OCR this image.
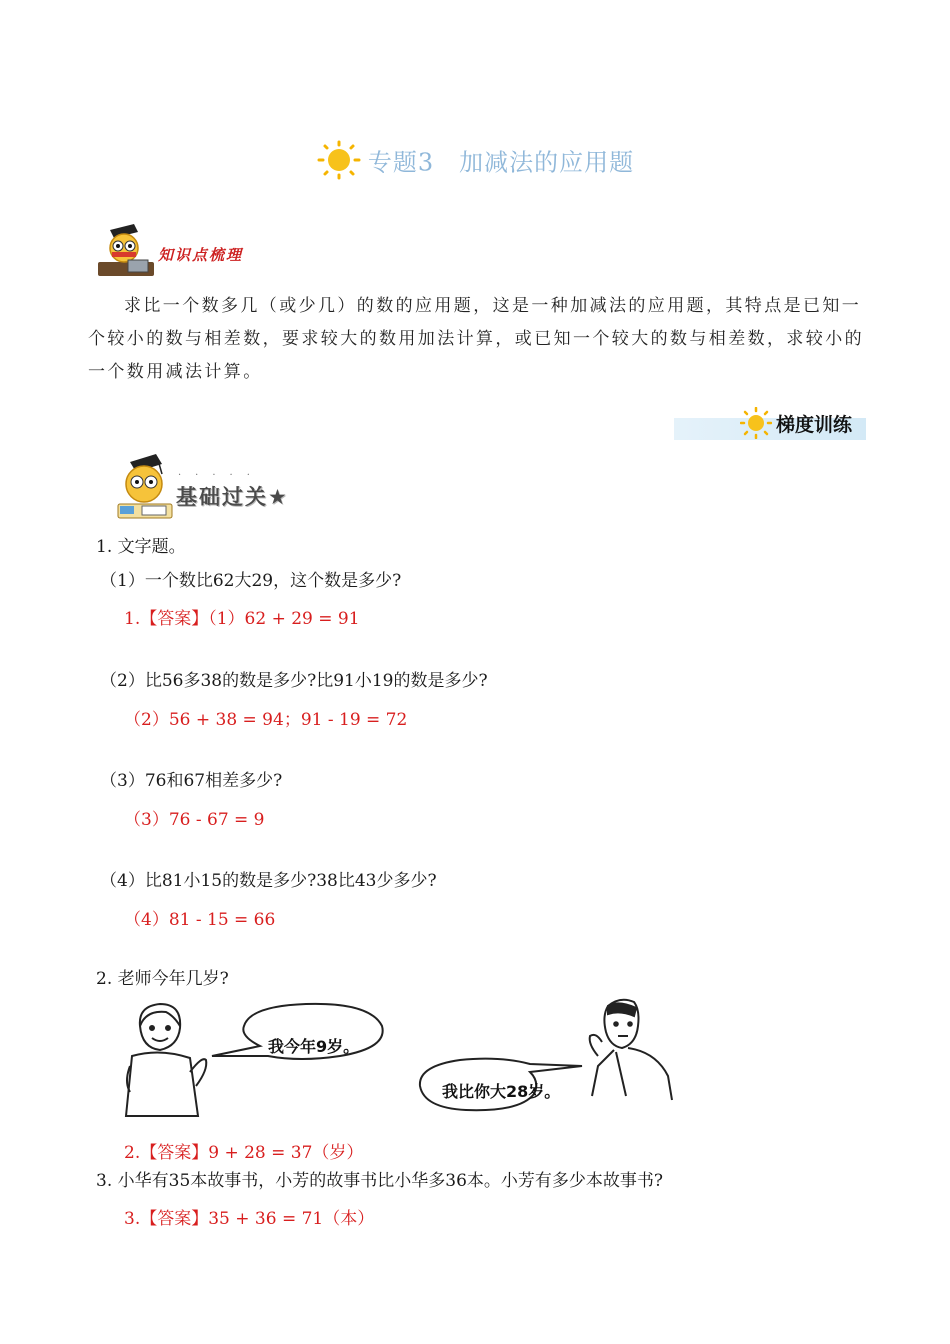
专题3　加减法的应用题
知识点梳理
求比一个数多几（或少几）的数的应用题，这是一种加减法的应用题，其特点是已知一个较小的数与相差数，要求较大的数用加法计算，或已知一个较大的数与相差数，求较小的一个数用减法计算。
梯度训练
·····
基础过关★
1. 文字题。
（1）一个数比62大29，这个数是多少?
1.【答案】（1）62 + 29 = 91
（2）比56多38的数是多少?比91小19的数是多少?
（2）56 + 38 = 94；91 - 19 = 72
（3）76和67相差多少?
（3）76 - 67 = 9
（4）比81小15的数是多少?38比43少多少?
（4）81 - 15 = 66
2. 老师今年几岁?
我今年9岁。
我比你大28岁。
2.【答案】9 + 28 = 37（岁）
3. 小华有35本故事书，小芳的故事书比小华多36本。小芳有多少本故事书?
3.【答案】35 + 36 = 71（本）
